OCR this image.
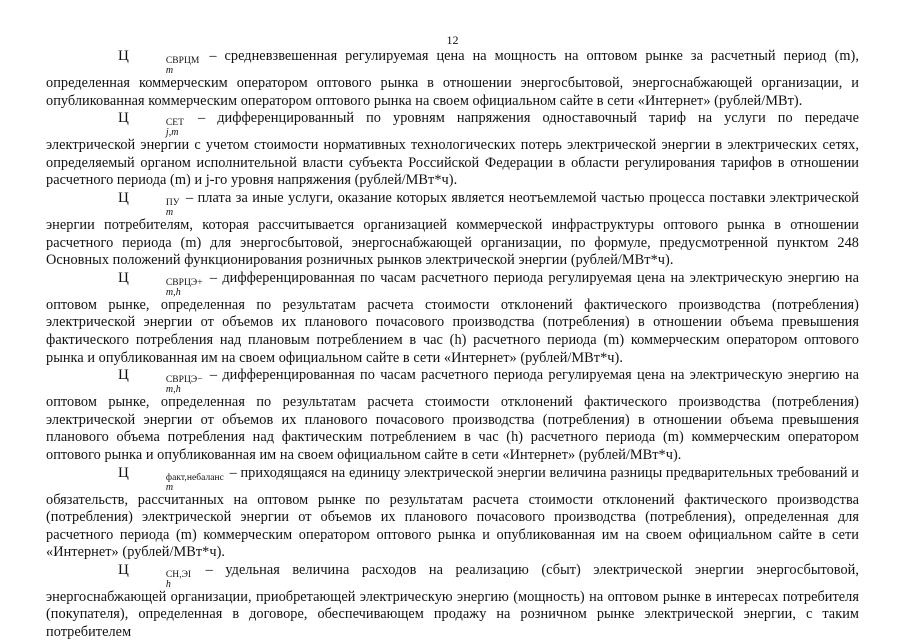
12

Ц	СВРЦМ
m
– средневзвешенная регулируемая цена на мощность на оптовом рынке за расчетный период (m), определенная коммерческим оператором оптового рынка в отношении энергосбытовой, энергоснабжающей организации, и опубликованная коммерческим оператором оптового рынка на своем официальном сайте в сети «Интернет» (рублей/МВт).

Ц	СЕТ
j,m
– дифференцированный по уровням напряжения одноставочный тариф на услуги по передаче электрической энергии с учетом стоимости нормативных технологических потерь электрической энергии в электрических сетях, определяемый органом исполнительной власти субъекта Российской Федерации в области регулирования тарифов в отношении расчетного периода (m) и j-го уровня напряжения (рублей/МВт*ч).

Ц	ПУ
m
– плата за иные услуги, оказание которых является неотъемлемой частью процесса поставки электрической энергии потребителям, которая рассчитывается организацией коммерческой инфраструктуры оптового рынка в отношении расчетного периода (m) для энергосбытовой, энергоснабжающей организации, по формуле, предусмотренной пунктом 248 Основных положений функционирования розничных рынков электрической энергии (рублей/МВт*ч).

Ц	СВРЦЭ+
m,h
– дифференцированная по часам расчетного периода регулируемая цена на электрическую энергию на оптовом рынке, определенная по результатам расчета стоимости отклонений фактического производства (потребления) электрической энергии от объемов их планового почасового производства (потребления) в отношении объема превышения фактического потребления над плановым потреблением в час (h) расчетного периода (m) коммерческим оператором оптового рынка и опубликованная им на своем официальном сайте в сети «Интернет» (рублей/МВт*ч).

Ц	СВРЦЭ−
m,h
– дифференцированная по часам расчетного периода регулируемая цена на электрическую энергию на оптовом рынке, определенная по результатам расчета стоимости отклонений фактического производства (потребления) электрической энергии от объемов их планового почасового производства (потребления) в отношении объема превышения планового объема потребления над фактическим потреблением в час (h) расчетного периода (m) коммерческим оператором оптового рынка и опубликованная им на своем официальном сайте в сети «Интернет» (рублей/МВт*ч).

Ц	факт,небаланс
m
– приходящаяся на единицу электрической энергии величина разницы предварительных требований и обязательств, рассчитанных на оптовом рынке по результатам расчета стоимости отклонений фактического производства (потребления) электрической энергии от объемов их планового почасового производства (потребления), определенная для расчетного периода (m) коммерческим оператором оптового рынка и опубликованная им на своем официальном сайте в сети «Интернет» (рублей/МВт*ч).

Ц	СН,ЭІ
h
– удельная величина расходов на реализацию (сбыт) электрической энергии энергосбытовой, энергоснабжающей организации, приобретающей электрическую энергию (мощность) на оптовом рынке в интересах потребителя (покупателя), определенная в договоре, обеспечивающем продажу на розничном рынке электрической энергии, с таким потребителем
